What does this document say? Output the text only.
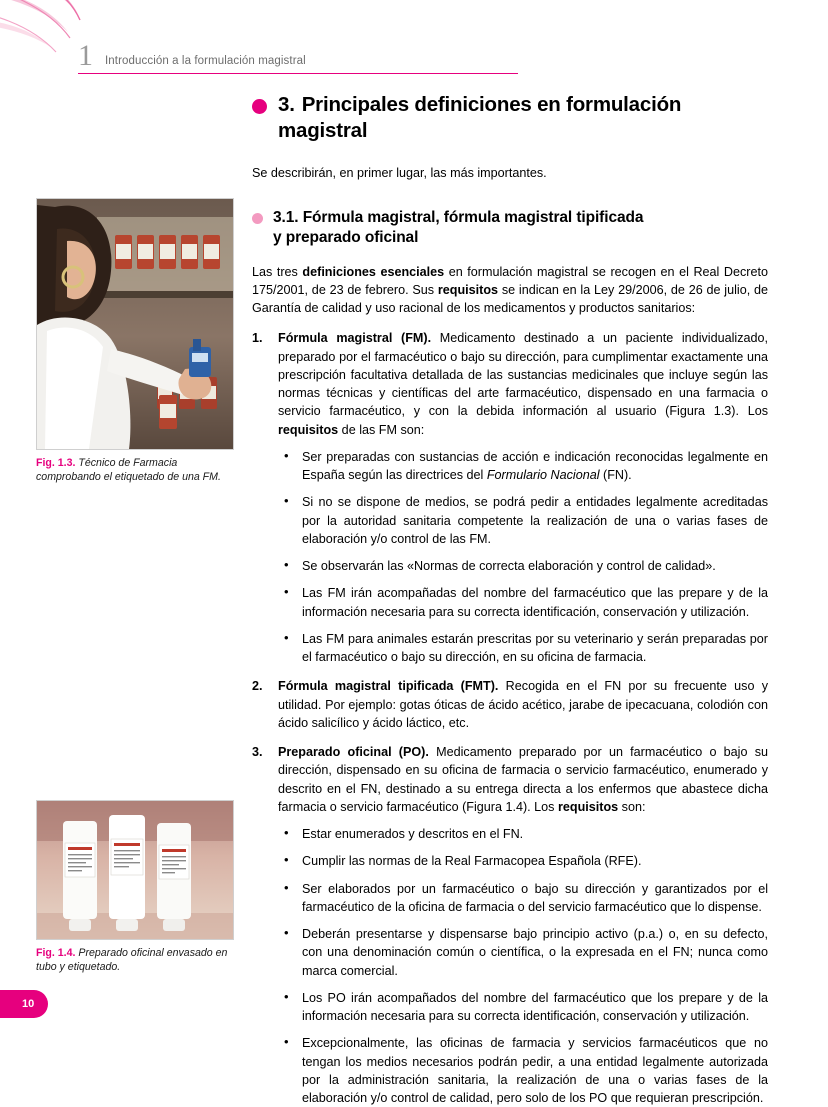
1	Introducción a la formulación magistral
Fig. 1.3. Técnico de Farmacia comprobando el etiquetado de una FM.
Fig. 1.4. Preparado oficinal envasado en tubo y etiquetado.
3. Principales definiciones en formulación magistral

Se describirán, en primer lugar, las más importantes.

3.1. Fórmula magistral, fórmula magistral tipificada
y preparado oficinal

Las tres definiciones esenciales en formulación magistral se recogen en el Real Decreto 175/2001, de 23 de febrero. Sus requisitos se indican en la Ley 29/2006, de 26 de julio, de Garantía de calidad y uso racional de los medicamentos y productos sanitarios:

1. Fórmula magistral (FM). Medicamento destinado a un paciente individualizado, preparado por el farmacéutico o bajo su dirección, para cumplimentar exactamente una prescripción facultativa detallada de las sustancias medicinales que incluye según las normas técnicas y científicas del arte farmacéutico, dispensado en una farmacia o servicio farmacéutico, y con la debida información al usuario (Figura 1.3). Los requisitos de las FM son:
• Ser preparadas con sustancias de acción e indicación reconocidas legalmente en España según las directrices del Formulario Nacional (FN).
• Si no se dispone de medios, se podrá pedir a entidades legalmente acreditadas por la autoridad sanitaria competente la realización de una o varias fases de elaboración y/o control de las FM.
• Se observarán las «Normas de correcta elaboración y control de calidad».
• Las FM irán acompañadas del nombre del farmacéutico que las prepare y de la información necesaria para su correcta identificación, conservación y utilización.
• Las FM para animales estarán prescritas por su veterinario y serán preparadas por el farmacéutico o bajo su dirección, en su oficina de farmacia.
2. Fórmula magistral tipificada (FMT). Recogida en el FN por su frecuente uso y utilidad. Por ejemplo: gotas óticas de ácido acético, jarabe de ipecacuana, colodión con ácido salicílico y ácido láctico, etc.
3. Preparado oficinal (PO). Medicamento preparado por un farmacéutico o bajo su dirección, dispensado en su oficina de farmacia o servicio farmacéutico, enumerado y descrito en el FN, destinado a su entrega directa a los enfermos que abastece dicha farmacia o servicio farmacéutico (Figura 1.4). Los requisitos son:
• Estar enumerados y descritos en el FN.
• Cumplir las normas de la Real Farmacopea Española (RFE).
• Ser elaborados por un farmacéutico o bajo su dirección y garantizados por el farmacéutico de la oficina de farmacia o del servicio farmacéutico que lo dispense.
• Deberán presentarse y dispensarse bajo principio activo (p.a.) o, en su defecto, con una denominación común o científica, o la expresada en el FN; nunca como marca comercial.
• Los PO irán acompañados del nombre del farmacéutico que los prepare y de la información necesaria para su correcta identificación, conservación y utilización.
• Excepcionalmente, las oficinas de farmacia y servicios farmacéuticos que no tengan los medios necesarios podrán pedir, a una entidad legalmente autorizada por la administración sanitaria, la realización de una o varias fases de la elaboración y/o control de calidad, pero solo de los PO que requieran prescripción.
10
